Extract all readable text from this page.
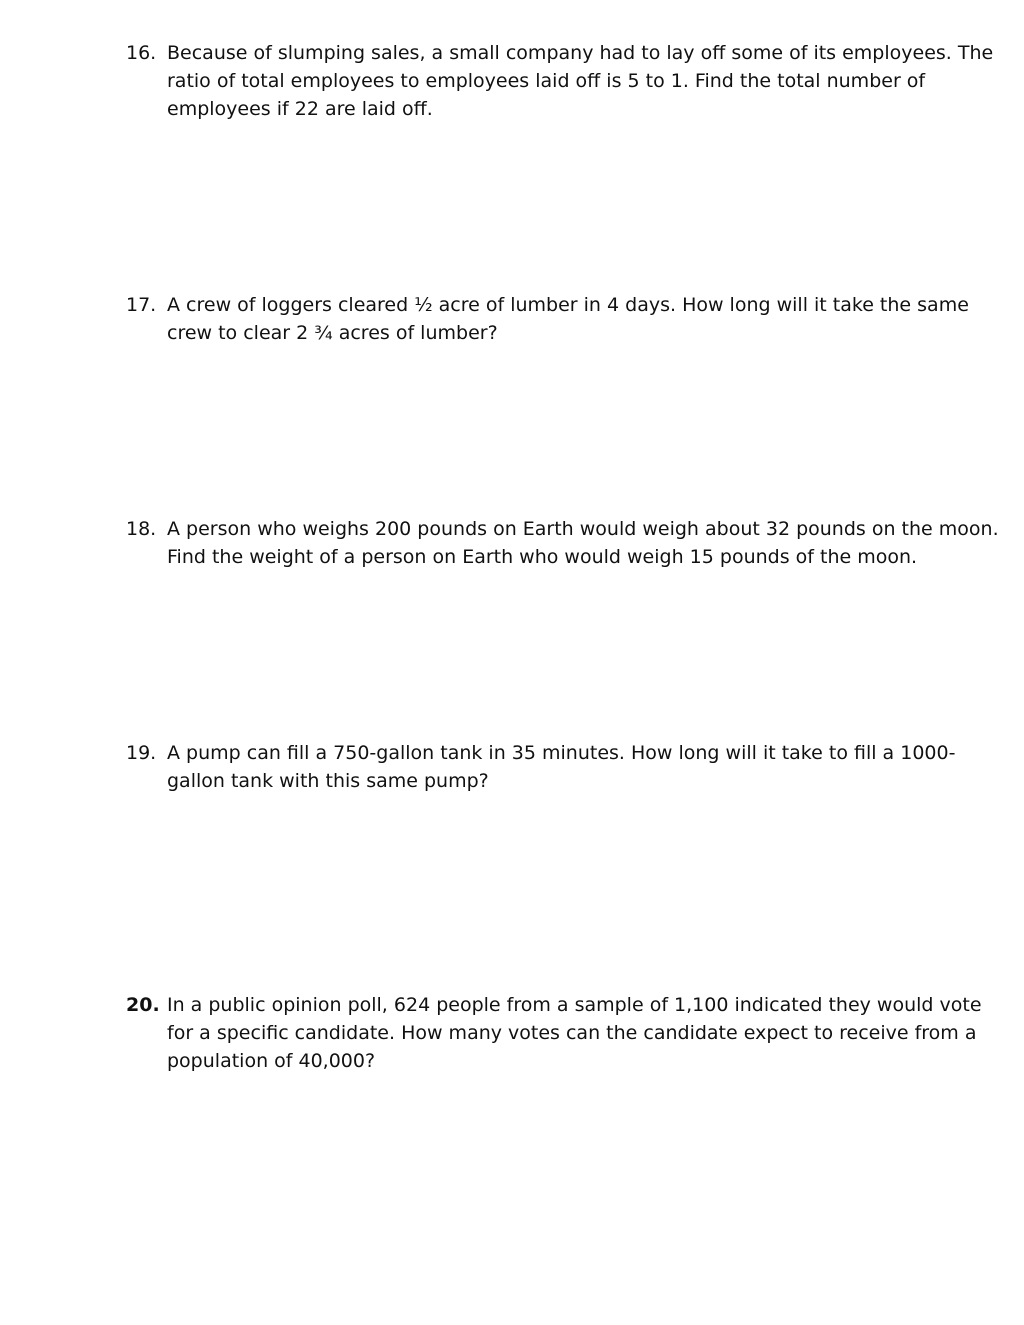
16. Because of slumping sales, a small company had to lay off some of its employees. The
ratio of total employees to employees laid off is 5 to 1. Find the total number of
employees if 22 are laid off.
17. A crew of loggers cleared ½ acre of lumber in 4 days. How long will it take the same
crew to clear 2 ¾ acres of lumber?
18. A person who weighs 200 pounds on Earth would weigh about 32 pounds on the moon.
Find the weight of a person on Earth who would weigh 15 pounds of the moon.
19. A pump can fill a 750-gallon tank in 35 minutes. How long will it take to fill a 1000-
gallon tank with this same pump?
20. In a public opinion poll, 624 people from a sample of 1,100 indicated they would vote
for a specific candidate. How many votes can the candidate expect to receive from a
population of 40,000?
